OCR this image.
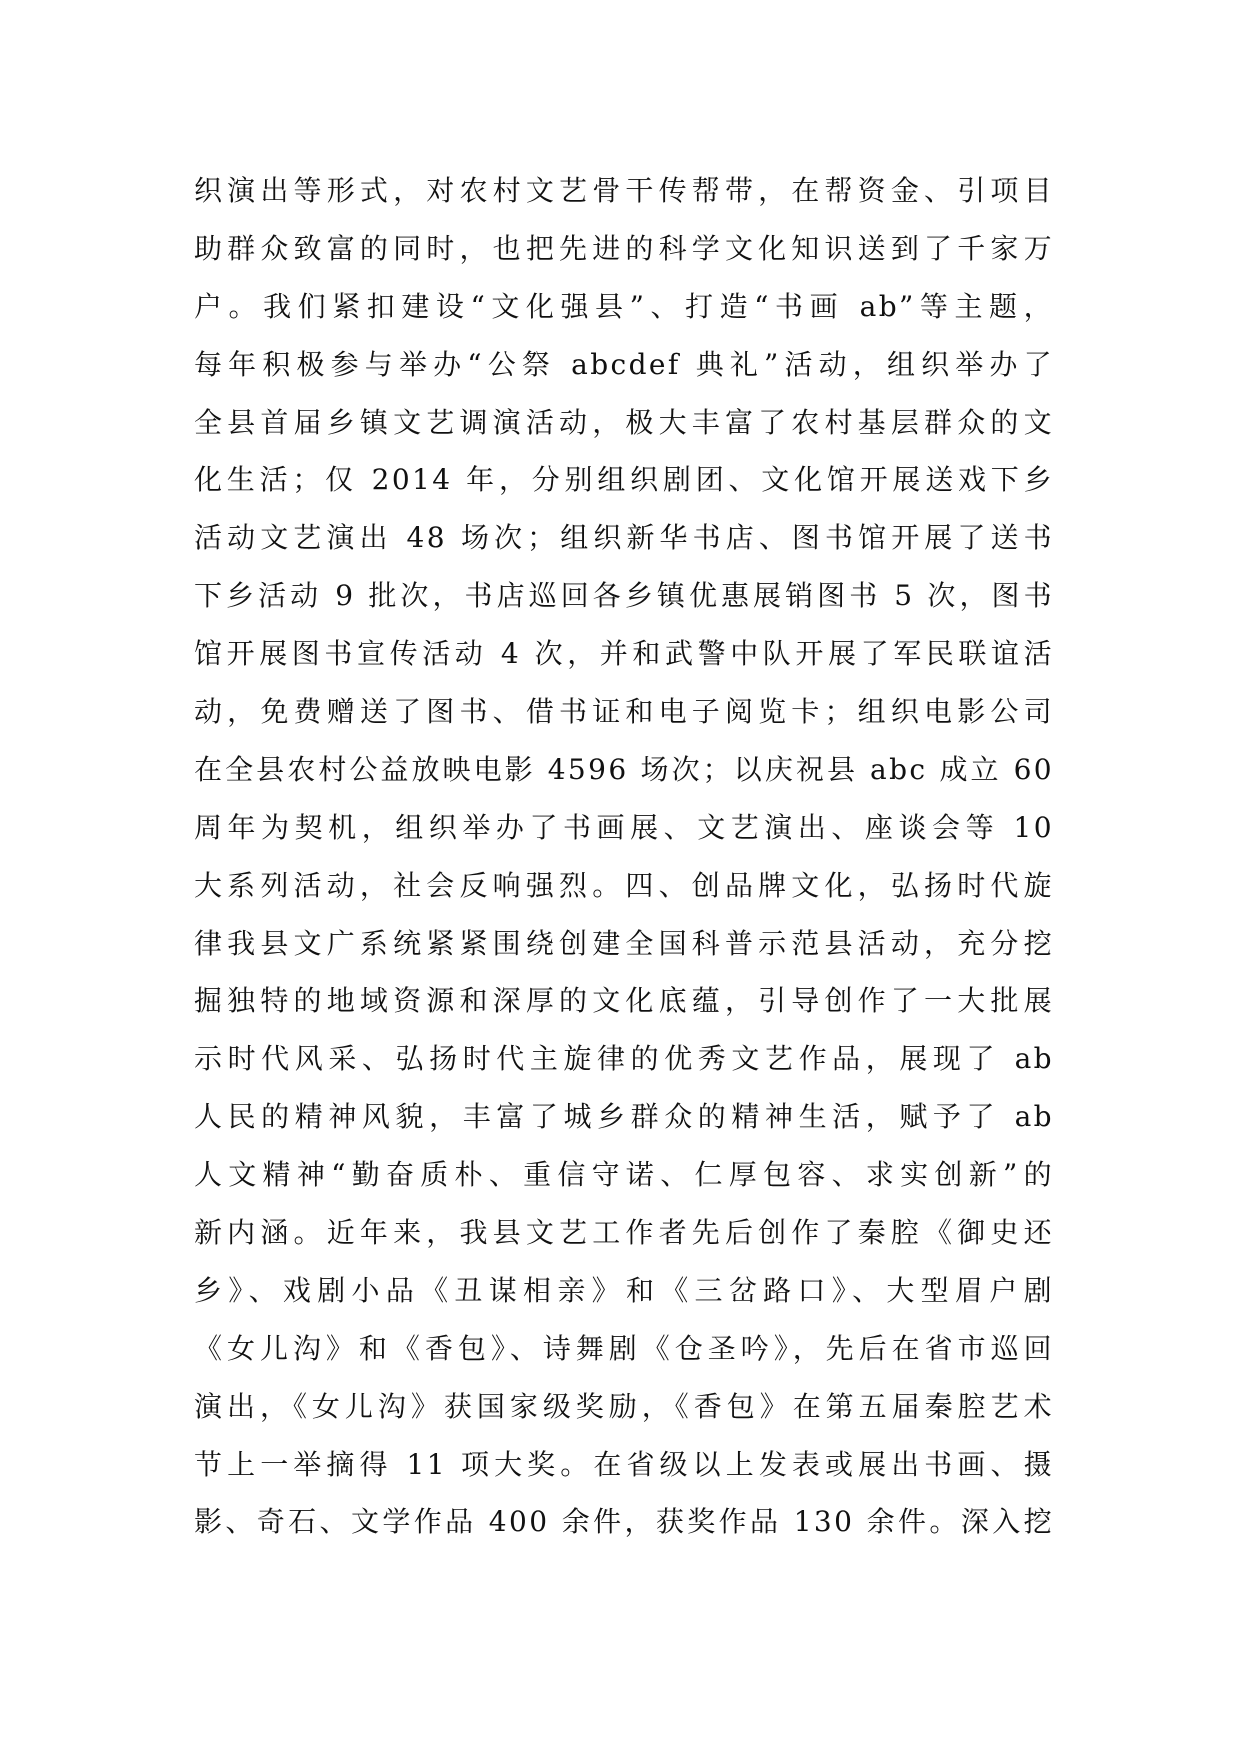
织演出等形式，对农村文艺骨干传帮带，在帮资金、引项目
助群众致富的同时，也把先进的科学文化知识送到了千家万
户。我们紧扣建设“文化强县”、打造“书画 ab”等主题，
每年积极参与举办“公祭 abcdef 典礼”活动，组织举办了
全县首届乡镇文艺调演活动，极大丰富了农村基层群众的文
化生活；仅 2014 年，分别组织剧团、文化馆开展送戏下乡
活动文艺演出 48 场次；组织新华书店、图书馆开展了送书
下乡活动 9 批次，书店巡回各乡镇优惠展销图书 5 次，图书
馆开展图书宣传活动 4 次，并和武警中队开展了军民联谊活
动，免费赠送了图书、借书证和电子阅览卡；组织电影公司
在全县农村公益放映电影 4596 场次；以庆祝县 abc 成立 60
周年为契机，组织举办了书画展、文艺演出、座谈会等 10
大系列活动，社会反响强烈。四、创品牌文化，弘扬时代旋
律我县文广系统紧紧围绕创建全国科普示范县活动，充分挖
掘独特的地域资源和深厚的文化底蕴，引导创作了一大批展
示时代风采、弘扬时代主旋律的优秀文艺作品，展现了 ab
人民的精神风貌，丰富了城乡群众的精神生活，赋予了 ab
人文精神“勤奋质朴、重信守诺、仁厚包容、求实创新”的
新内涵。近年来，我县文艺工作者先后创作了秦腔《御史还
乡》、戏剧小品《丑谋相亲》和《三岔路口》、大型眉户剧
《女儿沟》和《香包》、诗舞剧《仓圣吟》，先后在省市巡回
演出，《女儿沟》获国家级奖励，《香包》在第五届秦腔艺术
节上一举摘得 11 项大奖。在省级以上发表或展出书画、摄
影、奇石、文学作品 400 余件，获奖作品 130 余件。深入挖
